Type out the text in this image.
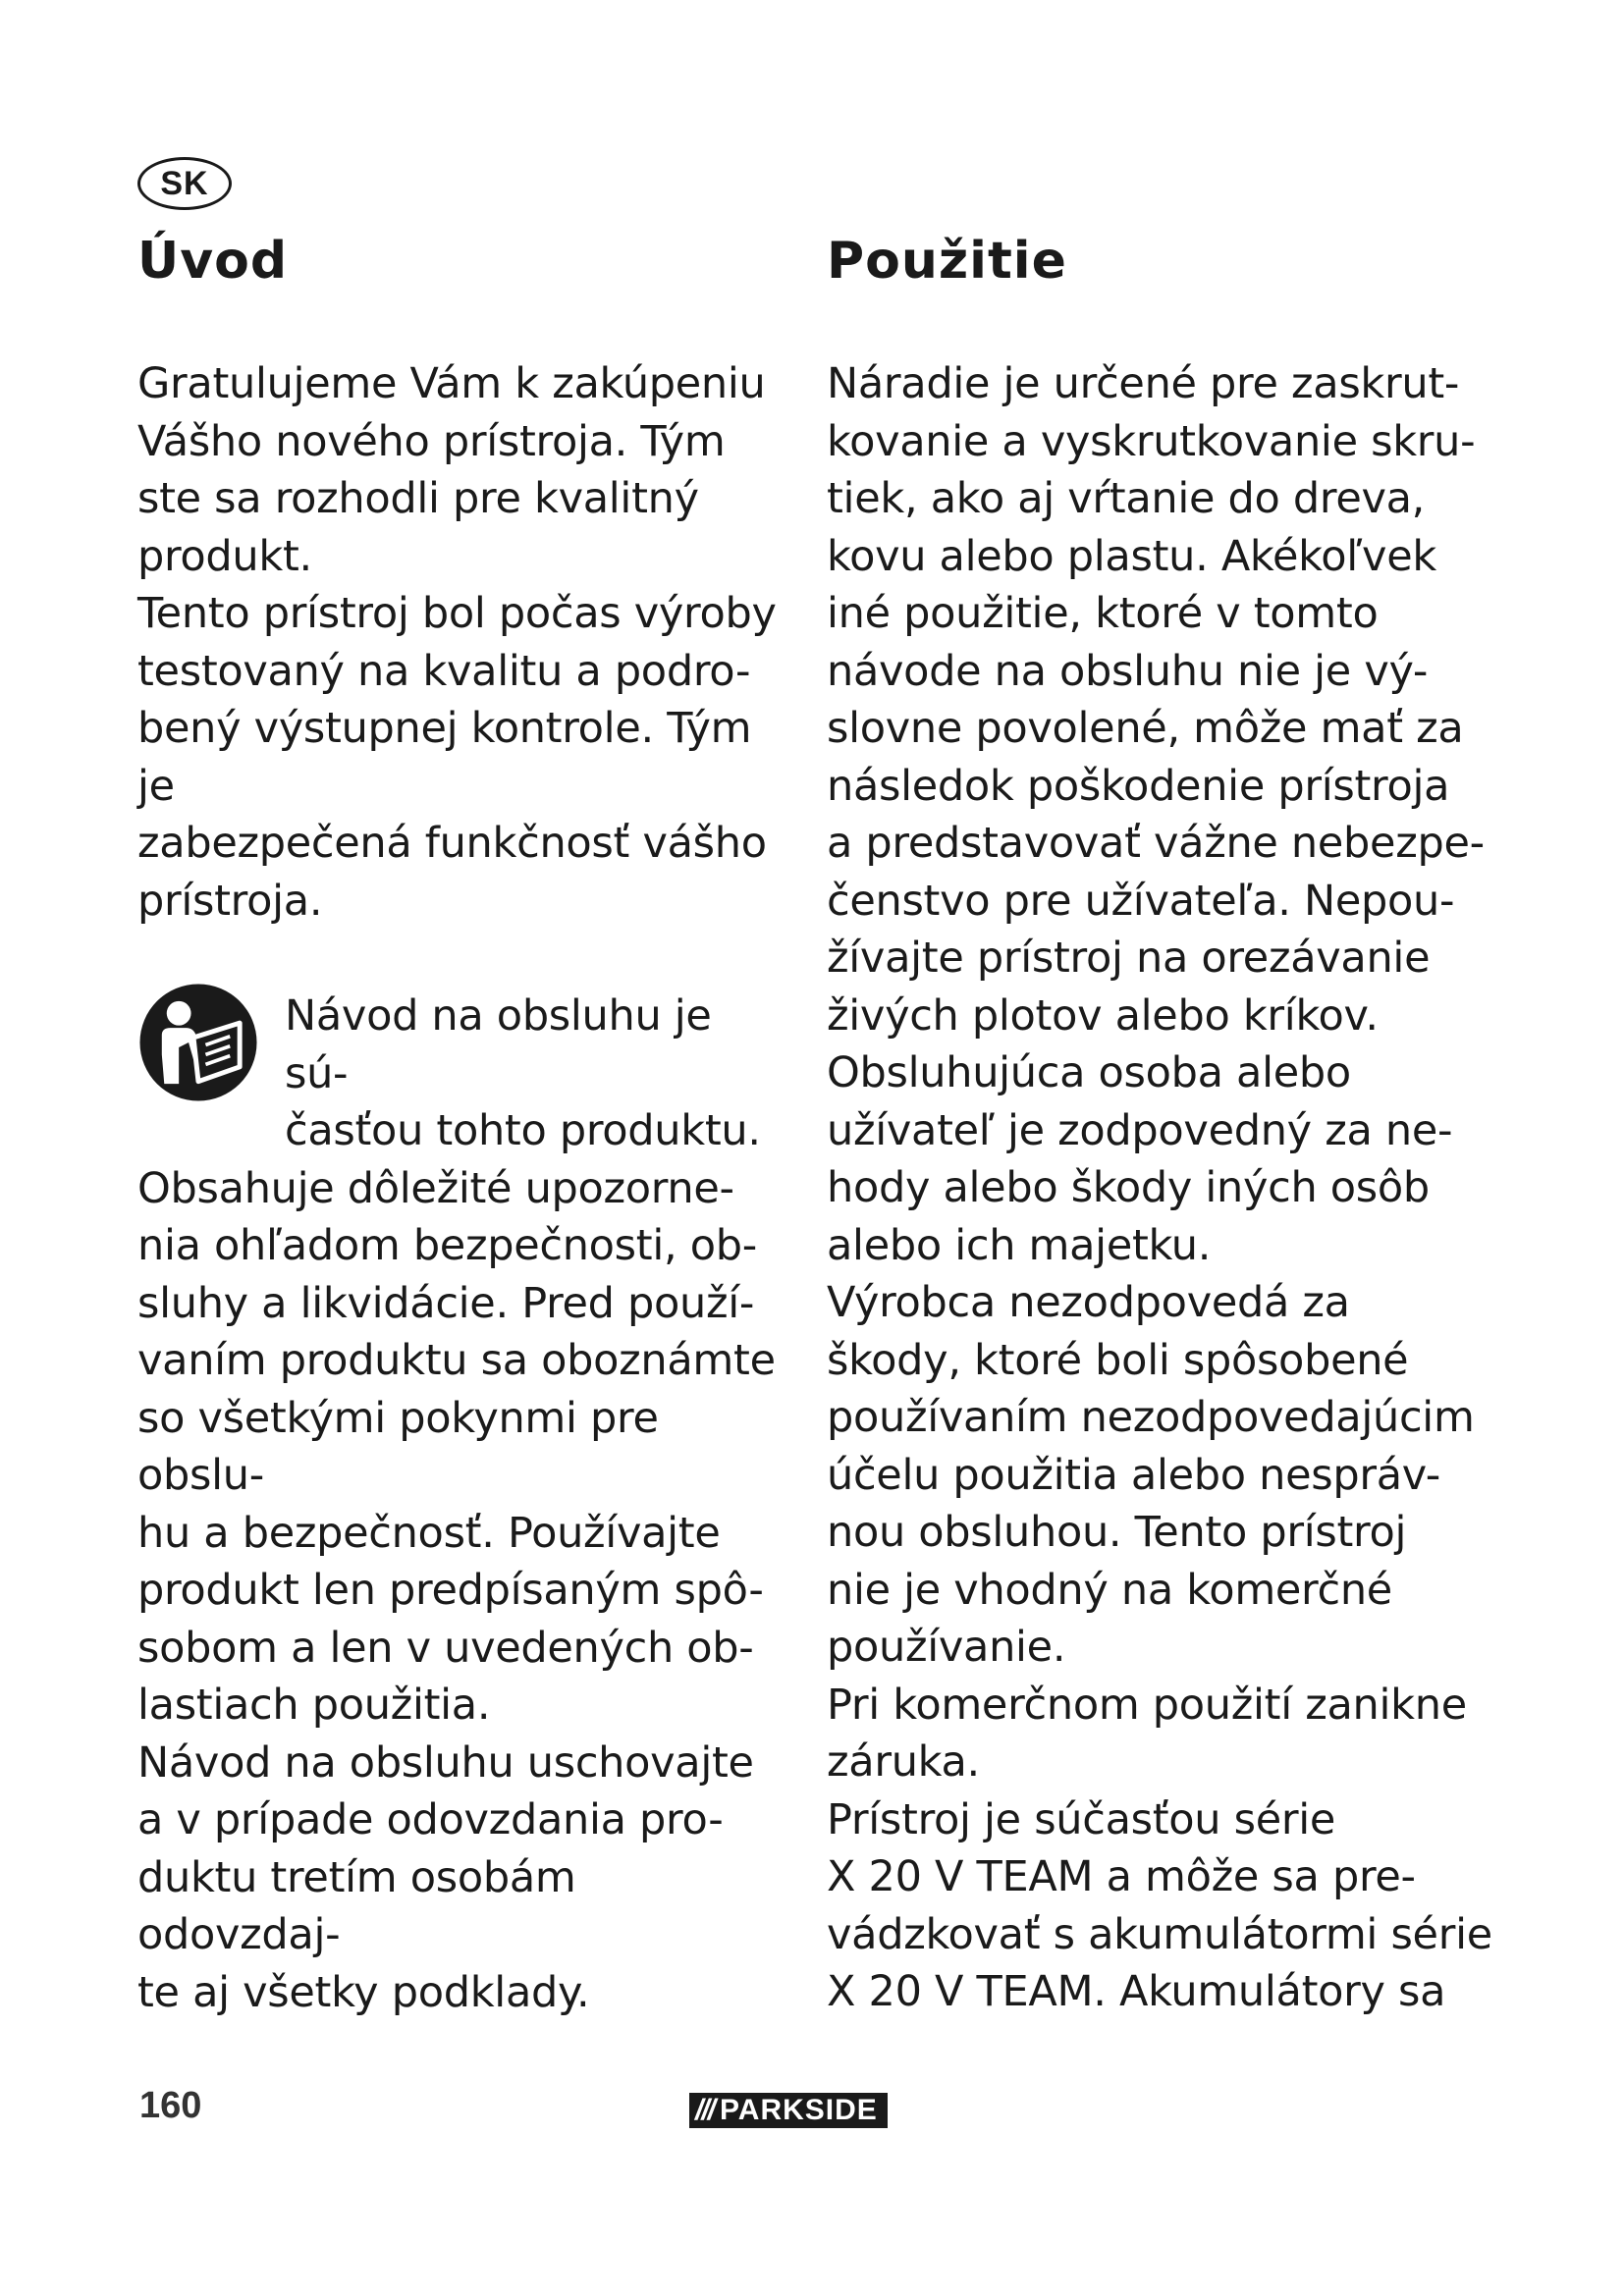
SK
Úvod	Použitie

Gratulujeme Vám k zakúpeniu

Vášho nového prístroja. Tým

ste sa rozhodli pre kvalitný

produkt.

Tento prístroj bol počas výroby

testovaný na kvalitu a podro-

bený výstupnej kontrole. Tým je

zabezpečená funkčnosť vášho

prístroja.

Návod na obsluhu je sú-

časťou tohto produktu.

Obsahuje dôležité upozorne-

nia ohľadom bezpečnosti, ob-

sluhy a likvidácie. Pred použí-

vaním produktu sa oboznámte

so všetkými pokynmi pre obslu-

hu a bezpečnosť. Používajte

produkt len predpísaným spô-

sobom a len v uvedených ob-

lastiach použitia.

Návod na obsluhu uschovajte

a v prípade odovzdania pro-

duktu tretím osobám odovzdaj-

te aj všetky podklady.

Náradie je určené pre zaskrut-

kovanie a vyskrutkovanie skru-

tiek, ako aj vŕtanie do dreva,

kovu alebo plastu. Akékoľvek

iné použitie, ktoré v tomto

návode na obsluhu nie je vý-

slovne povolené, môže mať za

následok poškodenie prístroja

a predstavovať vážne nebezpe-

čenstvo pre užívateľa. Nepou-

žívajte prístroj na orezávanie

živých plotov alebo kríkov.

Obsluhujúca osoba alebo

užívateľ je zodpovedný za ne-

hody alebo škody iných osôb

alebo ich majetku.

Výrobca nezodpovedá za

škody, ktoré boli spôsobené

používaním nezodpovedajúcim

účelu použitia alebo nespráv-

nou obsluhou. Tento prístroj

nie je vhodný na komerčné

používanie.

Pri komerčnom použití zanikne

záruka.

Prístroj je súčasťou série

X 20 V TEAM a môže sa pre-

vádzkovať s akumulátormi série

X 20 V TEAM. Akumulátory sa

160	/// PARKSIDE
